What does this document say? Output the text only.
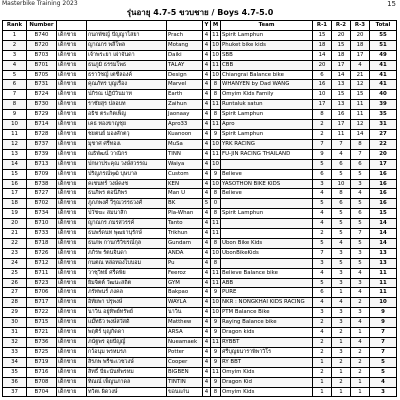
Masterbike Training 2023	15
รุ่นอายุ 4.7-5 ขวบชาย / Boys 4.7-5.0
Rank	Number				Y	M	Team	R-1	R-2	R-3	Total
1	B740	เด็กชาย	กนกพัชญ์ ปัญญาไสยา	Prach	4	11	Spirit Lamphun	15	20	20	55
2	B720	เด็กชาย	ญาณกร พลีโพล	Motang	4	10	Phuket bike kids	18	15	18	51
3	B703	เด็กชาย	เจ้าพระยา เผ่าจันดา	Daiki	4	10	SBB	14	18	17	49
4	B701	เด็กชาย	ธนภูมิ ธรรมโพธ	TALAY	4	11	CBB	20	17	4	41
5	B705	เด็กชาย	ธราวัชญ์ เตชีลองค์	Design	4	10	Chiangrai Balance bike	6	14	21	41
6	B731	เด็กชาย	คุณภัทร บุญเรือง	Marvel	4	8	WHANYEN by Dad WANG	16	13	12	41
7	B724	เด็กชาย	ปภิรณ ปฏิบัวินมาท	Earth	4	8	Omyim Kids Family	10	15	15	40
8	B730	เด็กชาย	ราชัยสุร ปลอบท	Zaihun	4	11	Runtaluk satun	17	13	11	39
9	B729	เด็กชาย	อธิช ตระกิตเพ็ญ	Jaonaay	4	8	Spirit Lamphun	8	16	11	35
10	B714	เด็กชาย	เคธ ทองขาญชุย	Apro33	4	11	Apro	2	17	12	31
11	B728	เด็กชาย	ชยตนย์ มองศักตวุ	Kuanoon	4	9	Spirit Lamphun	2	11	14	27
12	B737	เด็กชาย	มุชาศ ศรีทองเ	MuSa	4	10	YRK RACING	7	7	8	22
13	B739	เด็กชาย	ณธิพัฒน์ วาณิกร	TINN	4	11	FU-JIN RACING THAILAND	9	4	7	20
14	B713	เด็กชาย	ปกษาประคุณ วงษ์สวรรณ	Waiya	4	10		5	6	6	17
15	B709	เด็กชาย	ปริญภรณ์พุฒิ บุษบาล	Custom	4	9	Believe	6	5	5	16
16	B738	เด็กชาย	คเชนทร์ วงษ์คงช	KEN	4	10	YASOTHON BIKE KIDS	3	10	3	16
17	B727	เด็กชาย	ธนภิพร ตอนีภิพร	Man U	4	8	Believe	4	8	4	16
18	B702	เด็กชาย	ภูภภพงศ์ วีรุณวรรธวงศ์	BK	5	0		5	6	5	16
19	B734	เด็กชาย	ปวัชฆะ สมนาสิก	Pla-Whan	4	8	Spirit Lamphun	4	5	6	15
20	B710	เด็กชาย	ญาณกร ภมรสวรรค์	Tanto	4	11		4	5	5	14
21	B733	เด็กชาย	ธนพร์ดนท พุฒยานุรักษ์	Trikhun	4	11		2	5	7	14
22	B718	เด็กชาย	ธนภพ กานกริวิขรณ์กุล	Gundam	4	8	Ubon Bike Kids	5	4	5	14
23	B726	เด็กชาย	ภภิรพ รัตนจินดา	ANDA	4	10	UbonBikeKids	7	3	3	13
24	B712	เด็กชาย	กนตณ หล่อทองไบบอม	Pu	4	8		3	5	5	13
25	B711	เด็กชาย	วาชุวิทย์ ศรีดพิย	Feeroz	4	11	Believe Balance bike	4	3	4	11
26	B723	เด็กชาย	ยิมจิตต์ วัฒนะสถิต	GYM	4	11	ABB	5	3	3	11
27	B706	เด็กชาย	ภรัทพนร์ ภงคล	Bakpao	4	9	PURE	6	1	4	11
28	B717	เด็กชาย	อิทัยพา ปรุพงษ์	WAYLA	4	10	NKR : NONGKHAI KIDS RACING	4	4	2	10
29	B722	เด็กชาย	นาวิน อยู่ทิพย์ทรัพย์	นาวิน	4	10	PTM Balance Bike	3	3	3	9
30	B715	เด็กชาย	แม๊ทธิว พงษ์สวัสดิ	Matthew	4	9	Raying Balance bike	2	3	4	9
31	B721	เด็กชาย	พฤติร์ บุญกิดดา	ARSA	4	9	Dragon kids	4	2	1	7
32	B736	เด็กชาย	ภนัฐพร อุยปัญญ์	Nueamaek	4	11	RYBBT	2	1	4	7
33	B725	เด็กชาย	กว้อนุม พรหมรภ	Potter	4	9	ศรีบุญยนาราพิพาวิโร	2	3	2	7
34	B719	เด็กชาย	สิรภพ พรีชะเวชวงษ์	Cooper	4	9	RY BBT	1	2	2	5
35	B716	เด็กชาย	สิทธิ์ ปัยะนันท์พรหม	BIGBEN	4	11	Omyim Kids	2	1	2	5
36	B708	เด็กชาย	ทิณณ์ เพ็ญนภาดล	TINTIN	4	9	Dragon Kid	1	2	1	4
37	B704	เด็กชาย	ทวิตเ ผิดวงษ์	ขอนแก่น	4	8	Omyim Kids	1	1	1	3
